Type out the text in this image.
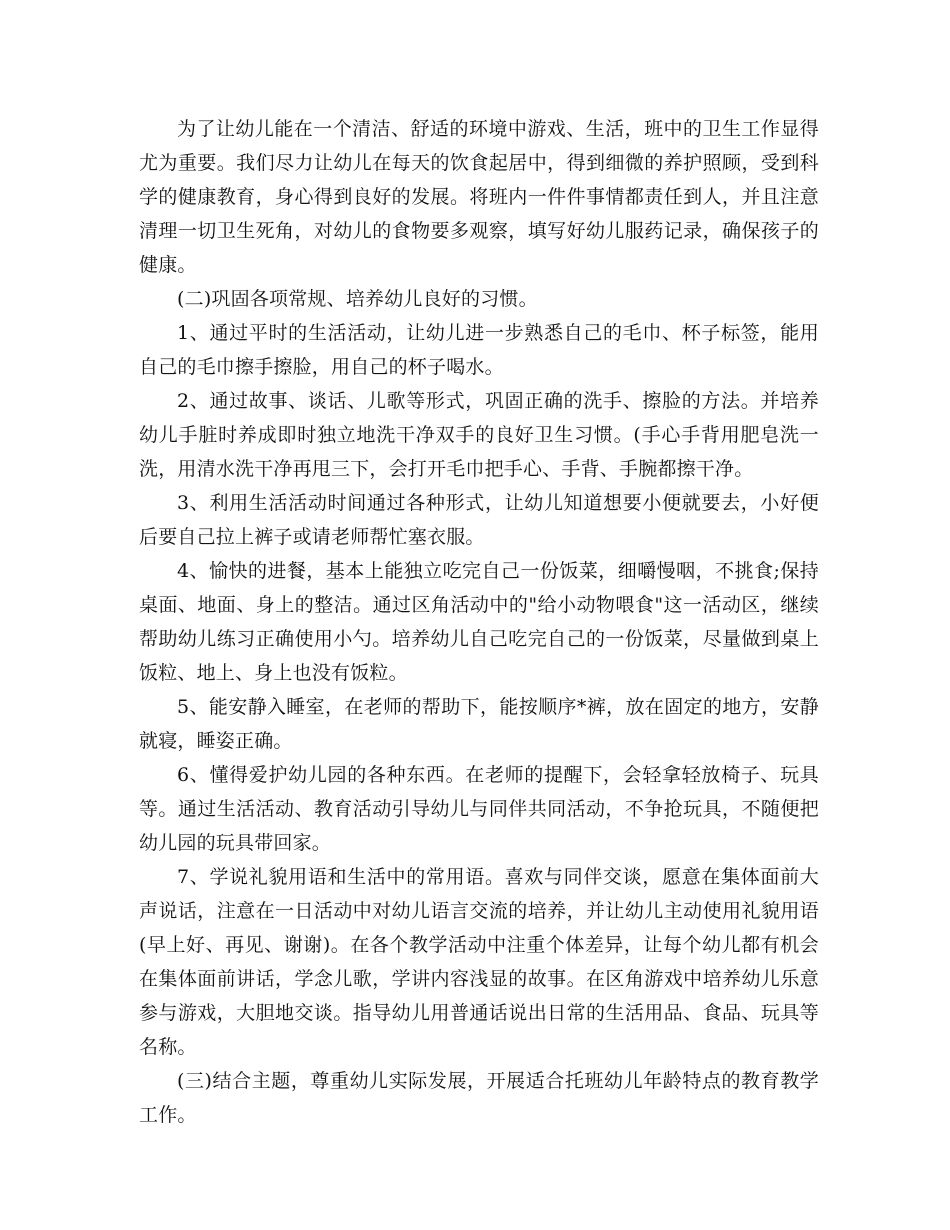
为了让幼儿能在一个清洁、舒适的环境中游戏、生活，班中的卫生工作显得尤为重要。我们尽力让幼儿在每天的饮食起居中，得到细微的养护照顾，受到科学的健康教育，身心得到良好的发展。将班内一件件事情都责任到人，并且注意清理一切卫生死角，对幼儿的食物要多观察，填写好幼儿服药记录，确保孩子的健康。

(二)巩固各项常规、培养幼儿良好的习惯。

1、通过平时的生活活动，让幼儿进一步熟悉自己的毛巾、杯子标签，能用自己的毛巾擦手擦脸，用自己的杯子喝水。

2、通过故事、谈话、儿歌等形式，巩固正确的洗手、擦脸的方法。并培养幼儿手脏时养成即时独立地洗干净双手的良好卫生习惯。(手心手背用肥皂洗一洗，用清水洗干净再甩三下，会打开毛巾把手心、手背、手腕都擦干净。

3、利用生活活动时间通过各种形式，让幼儿知道想要小便就要去，小好便后要自己拉上裤子或请老师帮忙塞衣服。

4、愉快的进餐，基本上能独立吃完自己一份饭菜，细嚼慢咽，不挑食;保持桌面、地面、身上的整洁。通过区角活动中的"给小动物喂食"这一活动区，继续帮助幼儿练习正确使用小勺。培养幼儿自己吃完自己的一份饭菜，尽量做到桌上饭粒、地上、身上也没有饭粒。

5、能安静入睡室，在老师的帮助下，能按顺序*裤，放在固定的地方，安静就寝，睡姿正确。

6、懂得爱护幼儿园的各种东西。在老师的提醒下，会轻拿轻放椅子、玩具等。通过生活活动、教育活动引导幼儿与同伴共同活动，不争抢玩具，不随便把幼儿园的玩具带回家。

7、学说礼貌用语和生活中的常用语。喜欢与同伴交谈，愿意在集体面前大声说话，注意在一日活动中对幼儿语言交流的培养，并让幼儿主动使用礼貌用语(早上好、再见、谢谢)。在各个教学活动中注重个体差异，让每个幼儿都有机会在集体面前讲话，学念儿歌，学讲内容浅显的故事。在区角游戏中培养幼儿乐意参与游戏，大胆地交谈。指导幼儿用普通话说出日常的生活用品、食品、玩具等名称。

(三)结合主题，尊重幼儿实际发展，开展适合托班幼儿年龄特点的教育教学工作。
